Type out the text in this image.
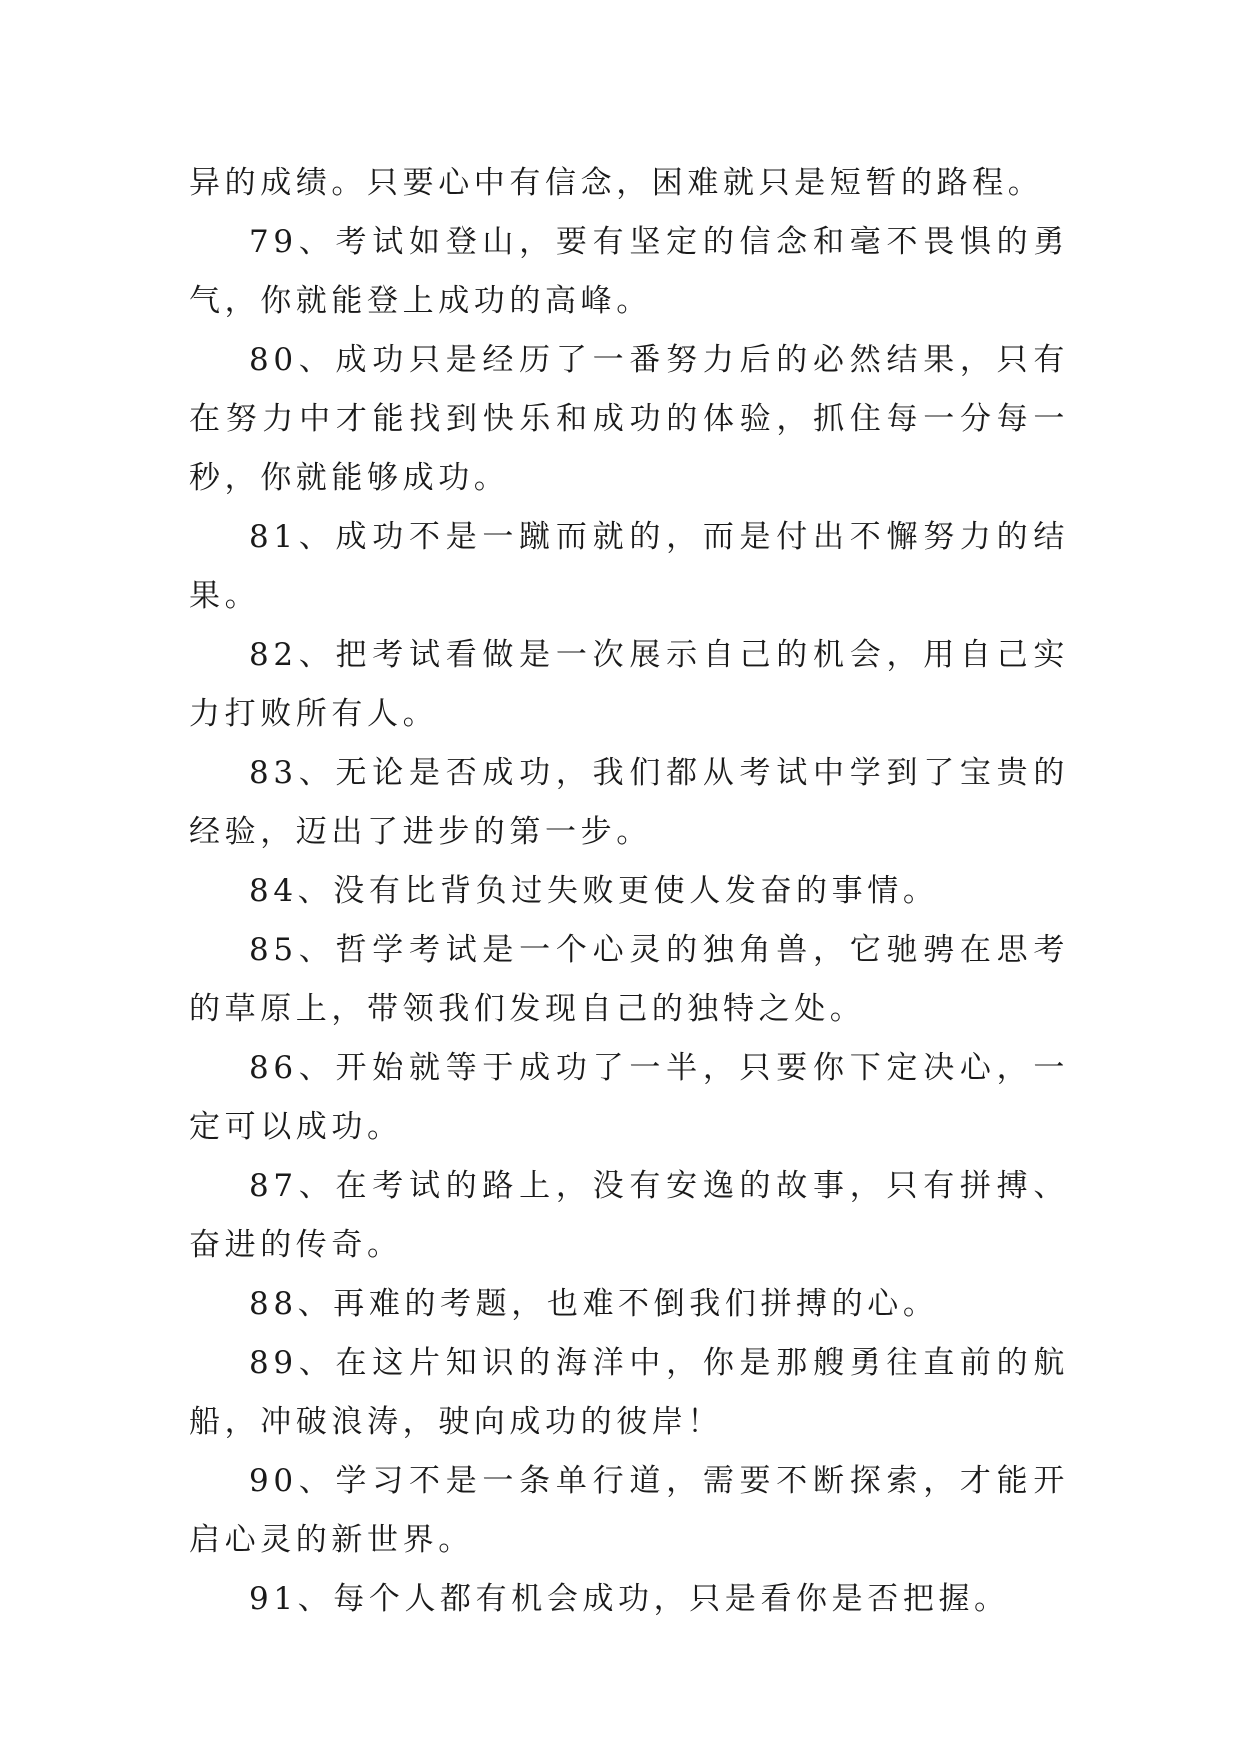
异的成绩。只要心中有信念，困难就只是短暂的路程。

79、考试如登山，要有坚定的信念和毫不畏惧的勇气，你就能登上成功的高峰。

80、成功只是经历了一番努力后的必然结果，只有在努力中才能找到快乐和成功的体验，抓住每一分每一秒，你就能够成功。

81、成功不是一蹴而就的，而是付出不懈努力的结果。

82、把考试看做是一次展示自己的机会，用自己实力打败所有人。

83、无论是否成功，我们都从考试中学到了宝贵的经验，迈出了进步的第一步。

84、没有比背负过失败更使人发奋的事情。

85、哲学考试是一个心灵的独角兽，它驰骋在思考的草原上，带领我们发现自己的独特之处。

86、开始就等于成功了一半，只要你下定决心，一定可以成功。

87、在考试的路上，没有安逸的故事，只有拼搏、奋进的传奇。

88、再难的考题，也难不倒我们拼搏的心。

89、在这片知识的海洋中，你是那艘勇往直前的航船，冲破浪涛，驶向成功的彼岸！

90、学习不是一条单行道，需要不断探索，才能开启心灵的新世界。

91、每个人都有机会成功，只是看你是否把握。
